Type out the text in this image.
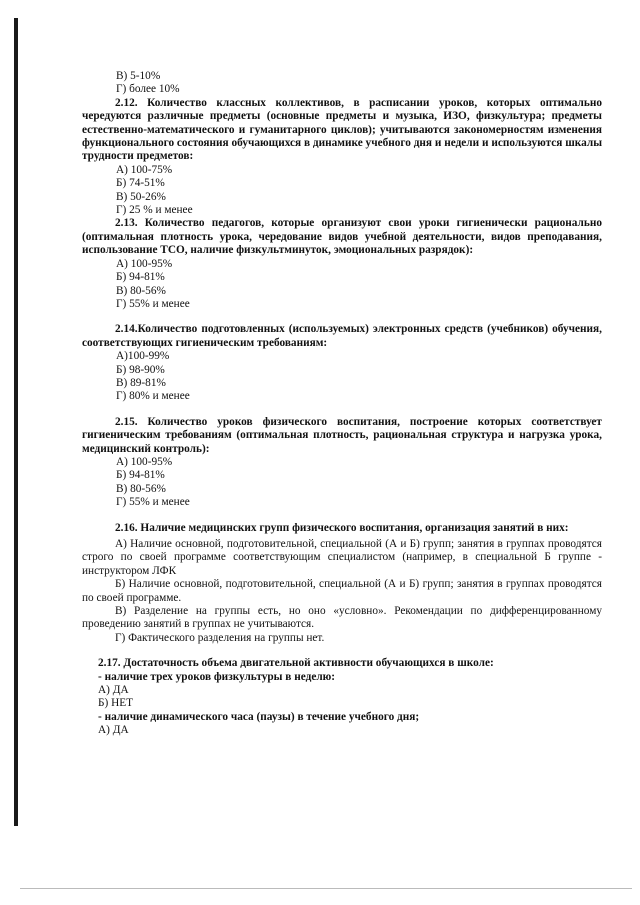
В) 5-10%

Г) более 10%

2.12. Количество классных коллективов, в расписании уроков, которых оптимально чередуются различные предметы (основные предметы и музыка, ИЗО, физкультура; предметы естественно-математического и гуманитарного циклов); учитываются закономерностям изменения функционального состояния обучающихся в динамике учебного дня и недели и используются шкалы трудности предметов:

А) 100-75%

Б) 74-51%

В) 50-26%

Г) 25 % и менее

2.13. Количество педагогов, которые организуют свои уроки гигиенически рационально (оптимальная плотность урока, чередование видов учебной деятельности, видов преподавания, использование ТСО, наличие физкультминуток, эмоциональных разрядок):

А) 100-95%

Б) 94-81%

В) 80-56%

Г) 55% и менее

2.14.Количество подготовленных (используемых) электронных средств (учебников) обучения, соответствующих гигиеническим требованиям:

А)100-99%

Б) 98-90%

В) 89-81%

Г) 80% и менее

2.15. Количество уроков физического воспитания, построение которых соответствует гигиеническим требованиям (оптимальная плотность, рациональная структура и нагрузка урока, медицинский контроль):

А) 100-95%

Б) 94-81%

В) 80-56%

Г) 55% и менее

2.16. Наличие медицинских групп физического воспитания, организация занятий в них:

А) Наличие основной, подготовительной, специальной (А и Б) групп; занятия в группах проводятся строго по своей программе соответствующим специалистом (например, в специальной Б группе - инструктором ЛФК

Б) Наличие основной, подготовительной, специальной (А и Б) групп; занятия в группах проводятся по своей программе.

В) Разделение на группы есть, но оно «условно». Рекомендации по дифференцированному проведению занятий в группах не учитываются.

Г) Фактического разделения на группы нет.

2.17. Достаточность объема двигательной активности обучающихся в школе:

- наличие трех уроков физкультуры в неделю:

А) ДА

Б) НЕТ

- наличие динамического часа (паузы) в течение учебного дня;

А) ДА
